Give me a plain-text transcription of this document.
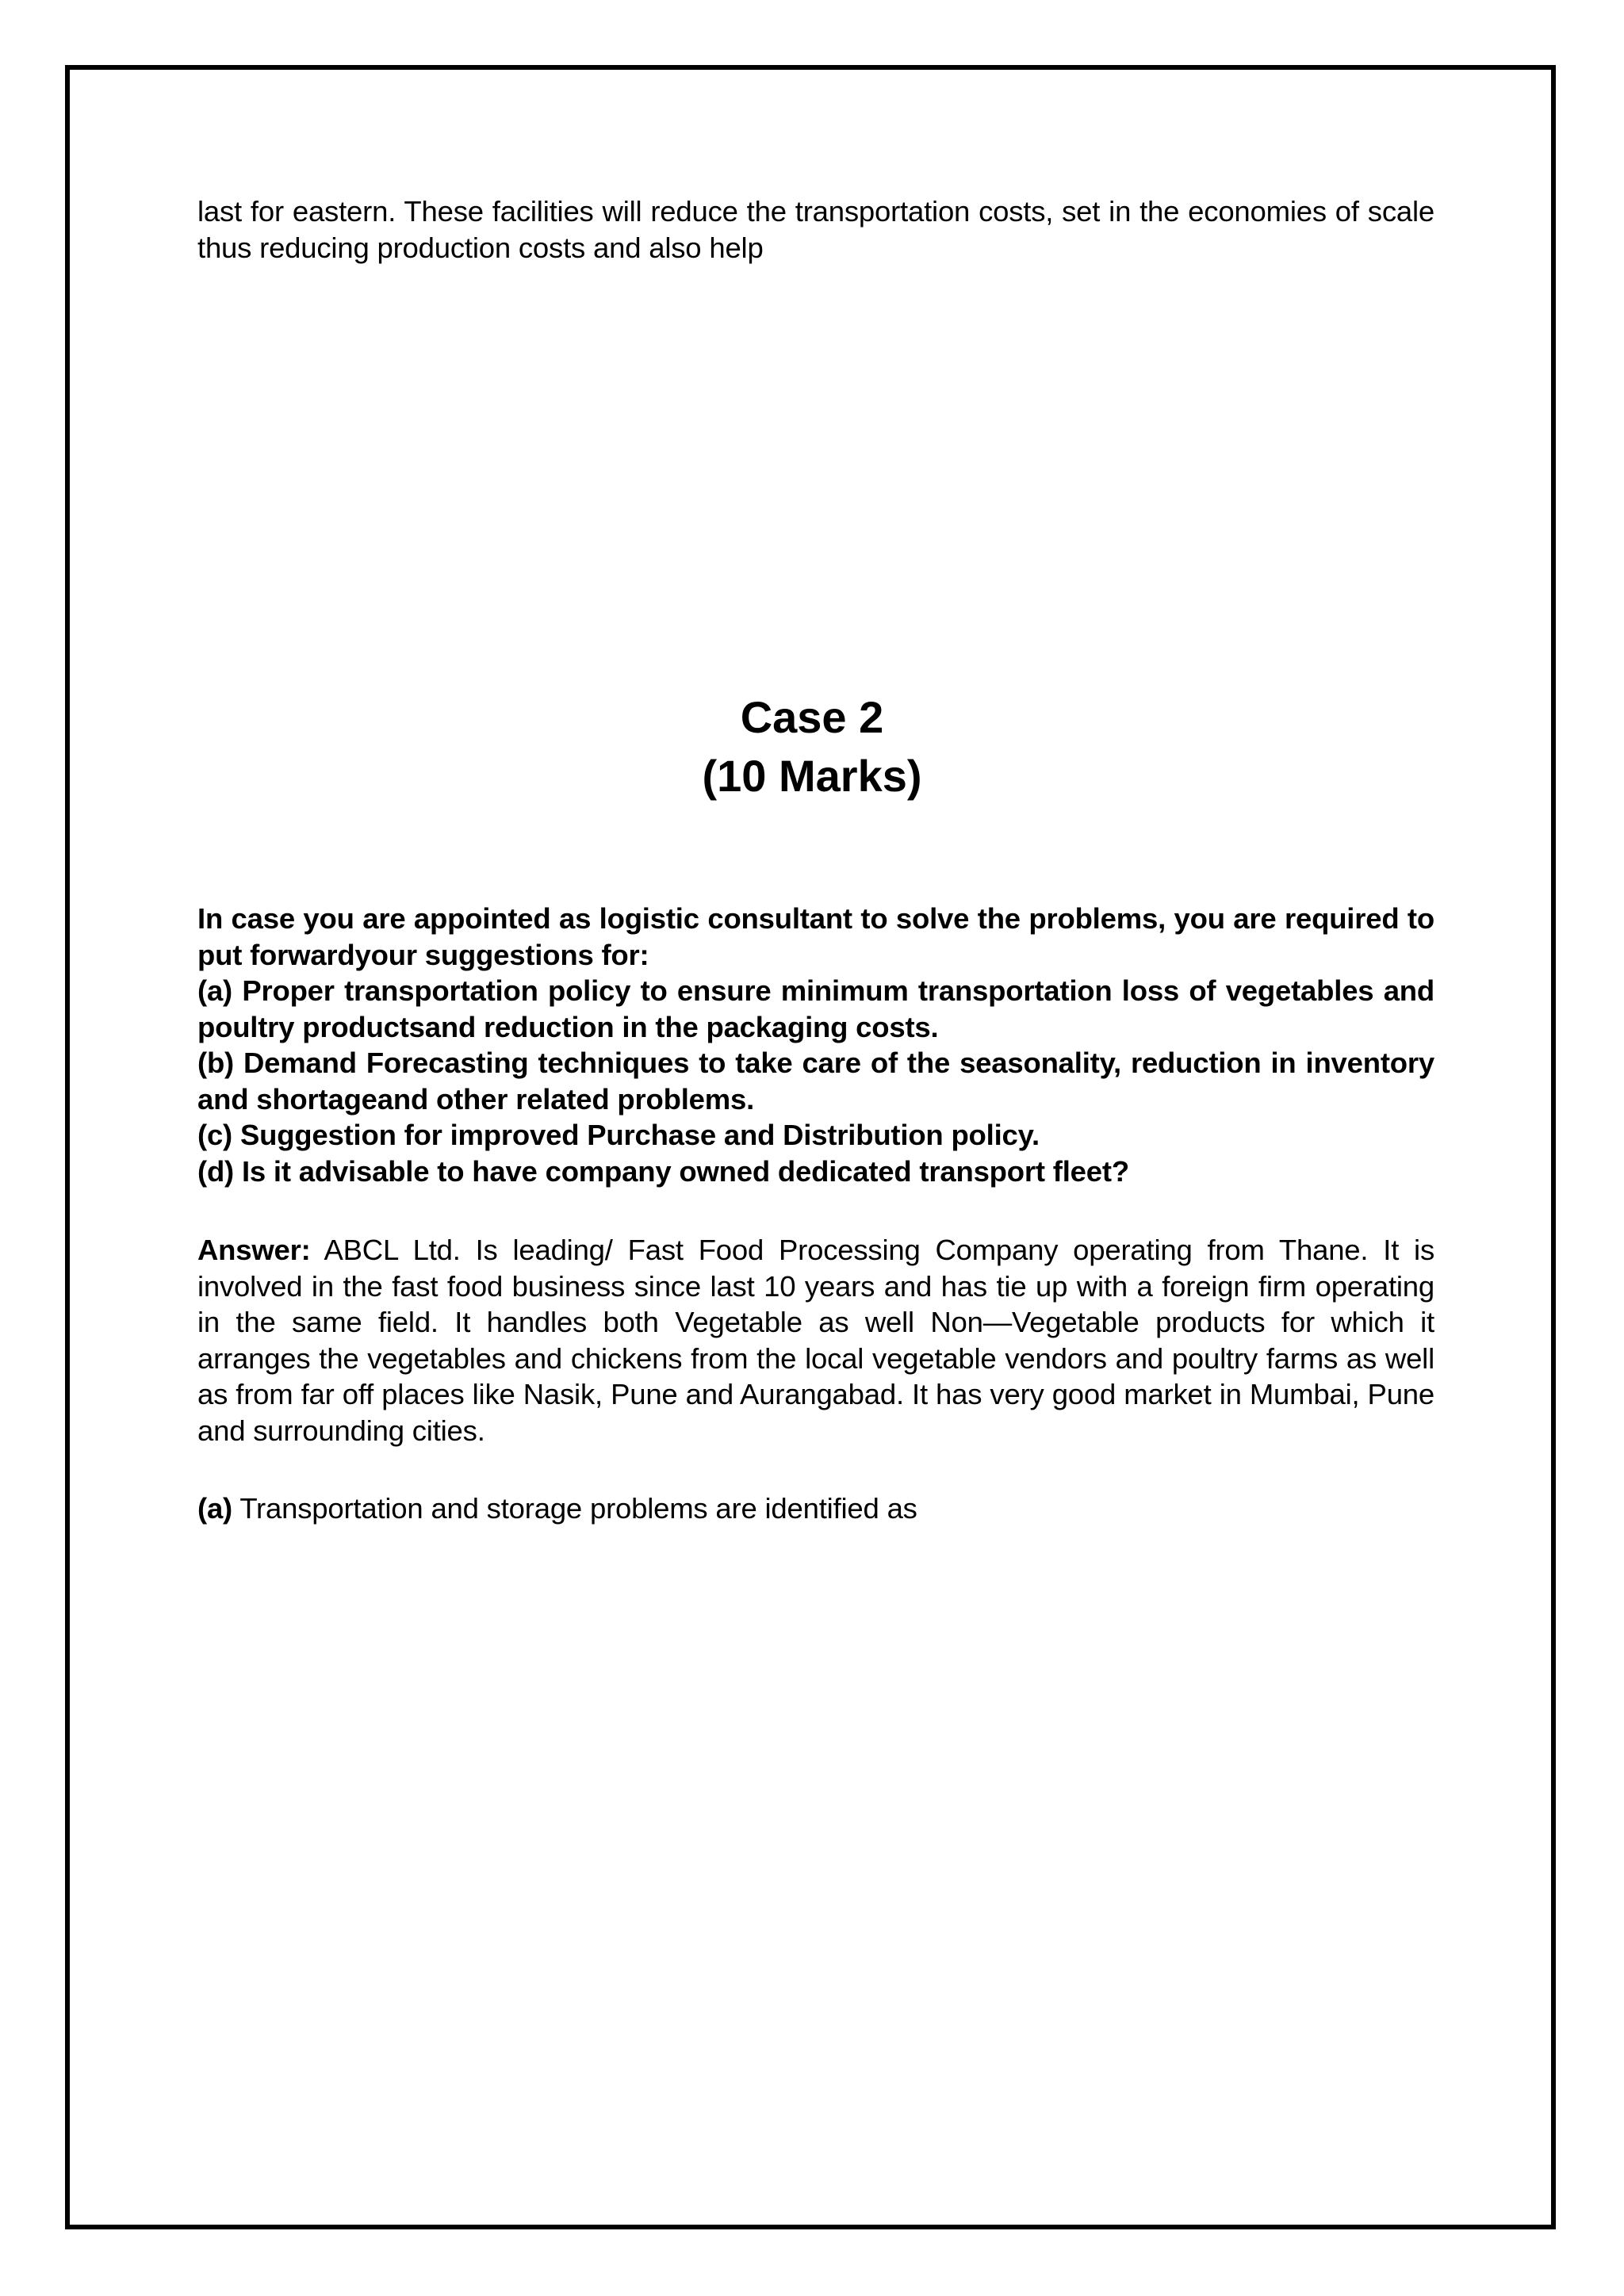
last for eastern. These facilities will reduce the transportation costs, set in the economies of scale thus reducing production costs and also help

Case 2
(10 Marks)

In case you are appointed as logistic consultant to solve the problems, you are required to put forwardyour suggestions for:

(a) Proper transportation policy to ensure minimum transportation loss of vegetables and poultry productsand reduction in the packaging costs.

(b) Demand Forecasting techniques to take care of the seasonality, reduction in inventory and shortageand other related problems.

(c) Suggestion for improved Purchase and Distribution policy.

(d) Is it advisable to have company owned dedicated transport fleet?

Answer: ABCL Ltd. Is leading/ Fast Food Processing Company operating from Thane. It is involved in the fast food business since last 10 years and has tie up with a foreign firm operating in the same field. It handles both Vegetable as well Non—Vegetable products for which it arranges the vegetables and chickens from the local vegetable vendors and poultry farms as well as from far off places like Nasik, Pune and Aurangabad. It has very good market in Mumbai, Pune and surrounding cities.

(a) Transportation and storage problems are identified as
